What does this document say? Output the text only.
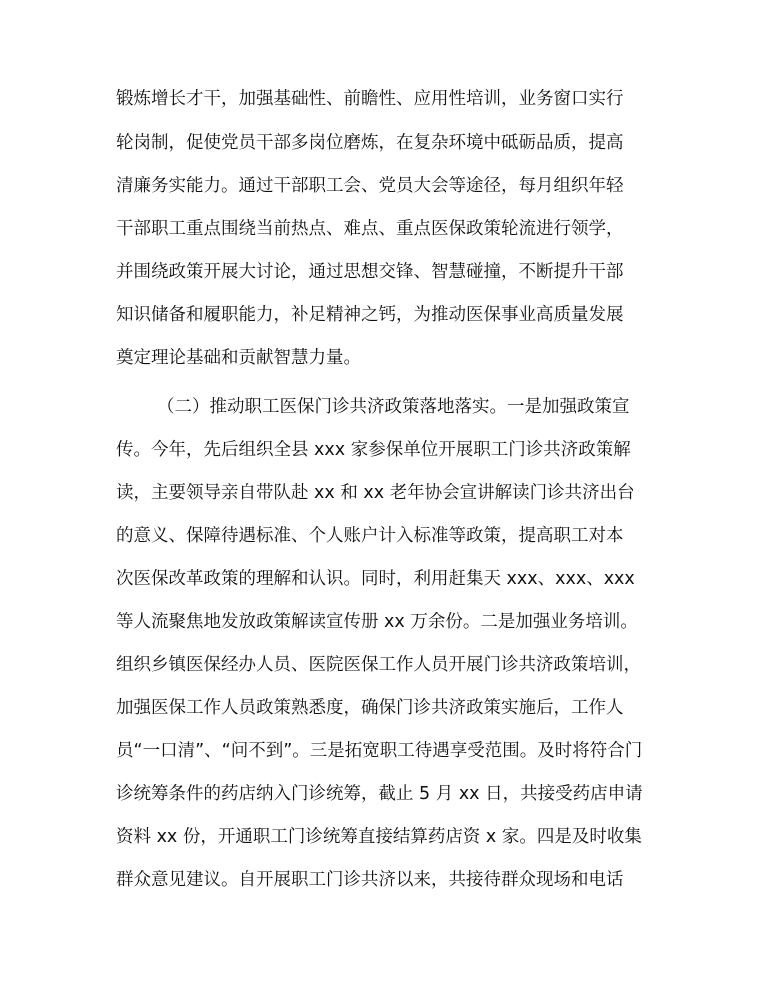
锻炼增长才干，加强基础性、前瞻性、应用性培训，业务窗口实行
轮岗制，促使党员干部多岗位磨炼，在复杂环境中砥砺品质，提高
清廉务实能力。通过干部职工会、党员大会等途径，每月组织年轻
干部职工重点围绕当前热点、难点、重点医保政策轮流进行领学，
并围绕政策开展大讨论，通过思想交锋、智慧碰撞，不断提升干部
知识储备和履职能力，补足精神之钙，为推动医保事业高质量发展
奠定理论基础和贡献智慧力量。
（二）推动职工医保门诊共济政策落地落实。一是加强政策宣
传。今年，先后组织全县 xxx 家参保单位开展职工门诊共济政策解
读，主要领导亲自带队赴 xx 和 xx 老年协会宣讲解读门诊共济出台
的意义、保障待遇标准、个人账户计入标准等政策，提高职工对本
次医保改革政策的理解和认识。同时，利用赶集天 xxx、xxx、xxx
等人流聚焦地发放政策解读宣传册 xx 万余份。二是加强业务培训。
组织乡镇医保经办人员、医院医保工作人员开展门诊共济政策培训，
加强医保工作人员政策熟悉度，确保门诊共济政策实施后，工作人
员“一口清”、“问不到”。三是拓宽职工待遇享受范围。及时将符合门
诊统筹条件的药店纳入门诊统筹，截止 5 月 xx 日，共接受药店申请
资料 xx 份，开通职工门诊统筹直接结算药店资 x 家。四是及时收集
群众意见建议。自开展职工门诊共济以来，共接待群众现场和电话
